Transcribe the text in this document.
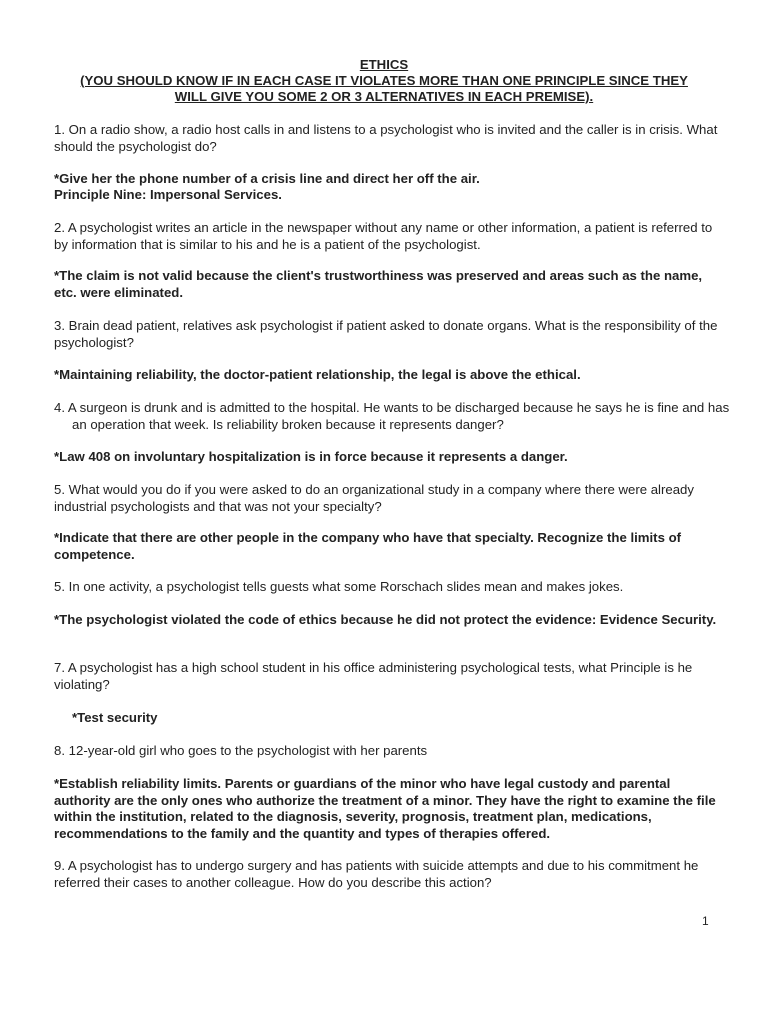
ETHICS
(YOU SHOULD KNOW IF IN EACH CASE IT VIOLATES MORE THAN ONE PRINCIPLE SINCE THEY
WILL GIVE YOU SOME 2 OR 3 ALTERNATIVES IN EACH PREMISE).
1. On a radio show, a radio host calls in and listens to a psychologist who is invited and the caller is in crisis. What should the psychologist do?
*Give her the phone number of a crisis line and direct her off the air.
Principle Nine: Impersonal Services.
2. A psychologist writes an article in the newspaper without any name or other information, a patient is referred to by information that is similar to his and he is a patient of the psychologist.
*The claim is not valid because the client's trustworthiness was preserved and areas such as the name, etc. were eliminated.
3. Brain dead patient, relatives ask psychologist if patient asked to donate organs. What is the responsibility of the psychologist?
*Maintaining reliability, the doctor-patient relationship, the legal is above the ethical.
4. A surgeon is drunk and is admitted to the hospital. He wants to be discharged because he says he is fine and has an operation that week. Is reliability broken because it represents danger?
*Law 408 on involuntary hospitalization is in force because it represents a danger.
5. What would you do if you were asked to do an organizational study in a company where there were already industrial psychologists and that was not your specialty?
*Indicate that there are other people in the company who have that specialty. Recognize the limits of competence.
5. In one activity, a psychologist tells guests what some Rorschach slides mean and makes jokes.
*The psychologist violated the code of ethics because he did not protect the evidence: Evidence Security.
7. A psychologist has a high school student in his office administering psychological tests, what Principle is he violating?
*Test security
8. 12-year-old girl who goes to the psychologist with her parents
*Establish reliability limits. Parents or guardians of the minor who have legal custody and parental authority are the only ones who authorize the treatment of a minor. They have the right to examine the file within the institution, related to the diagnosis, severity, prognosis, treatment plan, medications, recommendations to the family and the quantity and types of therapies offered.
9. A psychologist has to undergo surgery and has patients with suicide attempts and due to his commitment he referred their cases to another colleague. How do you describe this action?
1
